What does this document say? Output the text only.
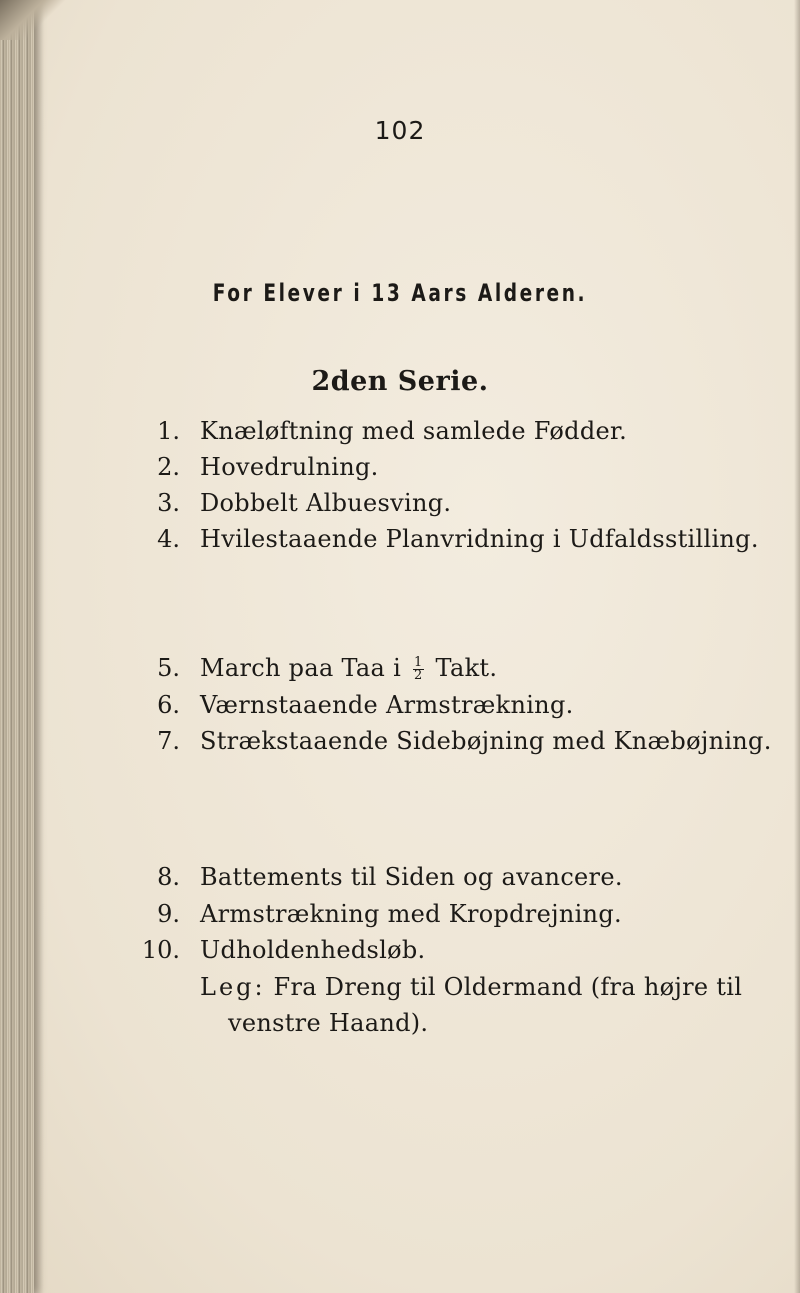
102
For Elever i 13 Aars Alderen.
2den Serie.
1. Knæløftning med samlede Fødder.
2. Hovedrulning.
3. Dobbelt Albuesving.
4. Hvilestaaende Planvridning i Udfaldsstilling.
5. March paa Taa i $\frac{1}{2}$ Takt.
6. Værnstaaende Armstrækning.
7. Strækstaaende Sidebøjning med Knæbøjning.
8. Battements til Siden og avancere.
9. Armstrækning med Kropdrejning.
10. Udholdenhedsløb.
Leg: Fra Dreng til Oldermand (fra højre til
venstre Haand).
